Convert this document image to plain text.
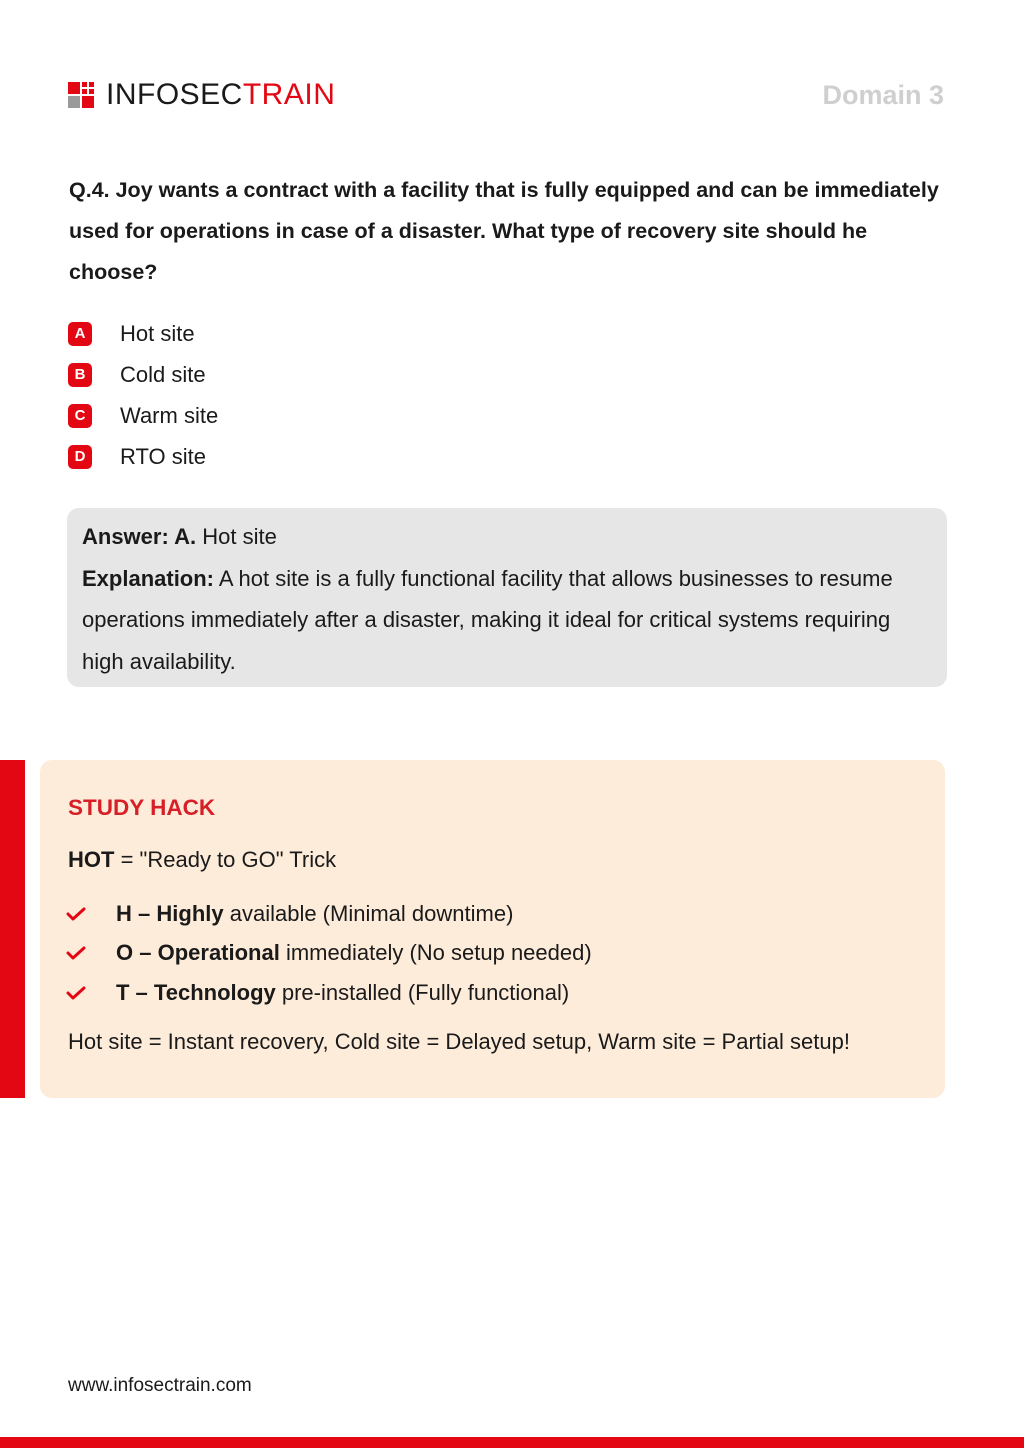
INFOSECTRAIN	Domain 3

Q.4. Joy wants a contract with a facility that is fully equipped and can be immediately used for operations in case of a disaster. What type of recovery site should he choose?

A Hot site
B Cold site
C Warm site
D RTO site

Answer: A. Hot site

Explanation: A hot site is a fully functional facility that allows businesses to resume operations immediately after a disaster, making it ideal for critical systems requiring high availability.

STUDY HACK
HOT = "Ready to GO" Trick
H – Highly available (Minimal downtime)
O – Operational immediately (No setup needed)
T – Technology pre-installed (Fully functional)
Hot site = Instant recovery, Cold site = Delayed setup, Warm site = Partial setup!
www.infosectrain.com
